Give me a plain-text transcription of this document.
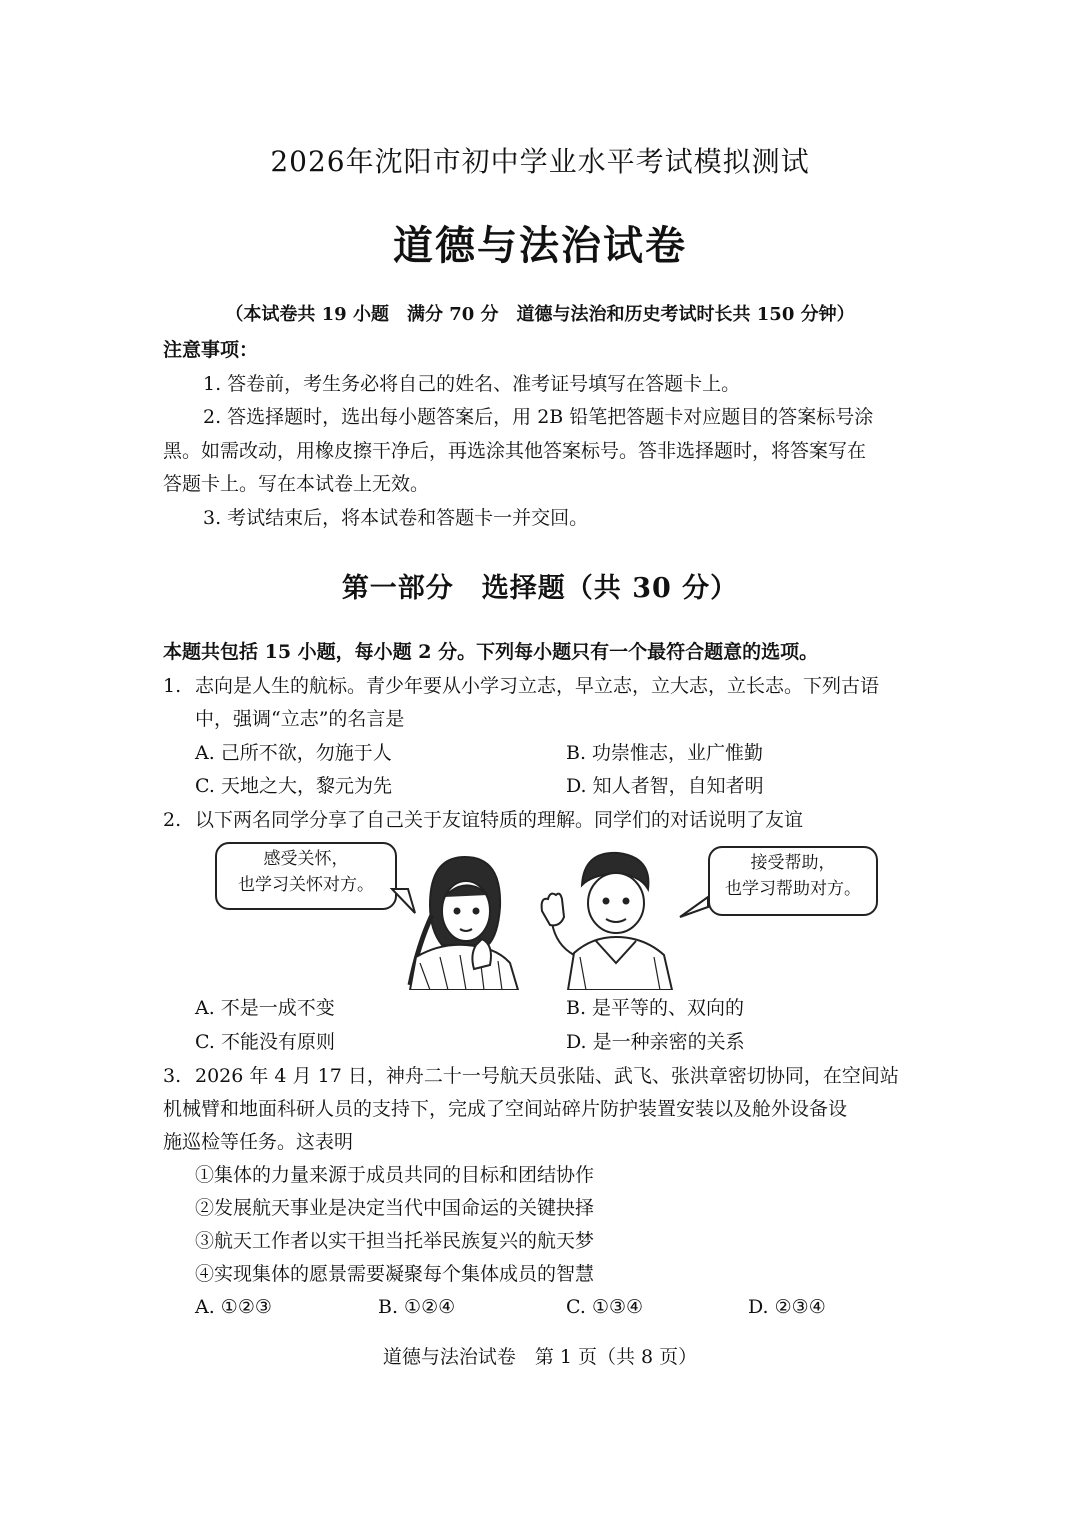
2026年沈阳市初中学业水平考试模拟测试
道德与法治试卷
（本试卷共 19 小题　满分 70 分　道德与法治和历史考试时长共 150 分钟）
注意事项：
1. 答卷前，考生务必将自己的姓名、准考证号填写在答题卡上。
2. 答选择题时，选出每小题答案后，用 2B 铅笔把答题卡对应题目的答案标号涂
黑。如需改动，用橡皮擦干净后，再选涂其他答案标号。答非选择题时，将答案写在
答题卡上。写在本试卷上无效。
3. 考试结束后，将本试卷和答题卡一并交回。
第一部分　选择题（共 30 分）
本题共包括 15 小题，每小题 2 分。下列每小题只有一个最符合题意的选项。
1. 志向是人生的航标。青少年要从小学习立志，早立志，立大志，立长志。下列古语
中，强调“立志”的名言是
A. 己所不欲，勿施于人	B. 功崇惟志，业广惟勤
C. 天地之大，黎元为先	D. 知人者智，自知者明
2. 以下两名同学分享了自己关于友谊特质的理解。同学们的对话说明了友谊
感受关怀，
也学习关怀对方。
接受帮助，
也学习帮助对方。
A. 不是一成不变	B. 是平等的、双向的
C. 不能没有原则	D. 是一种亲密的关系
3. 2026 年 4 月 17 日，神舟二十一号航天员张陆、武飞、张洪章密切协同，在空间站
机械臂和地面科研人员的支持下，完成了空间站碎片防护装置安装以及舱外设备设
施巡检等任务。这表明
①集体的力量来源于成员共同的目标和团结协作
②发展航天事业是决定当代中国命运的关键抉择
③航天工作者以实干担当托举民族复兴的航天梦
④实现集体的愿景需要凝聚每个集体成员的智慧
A. ①②③	B. ①②④	C. ①③④	D. ②③④
道德与法治试卷　第 1 页（共 8 页）
